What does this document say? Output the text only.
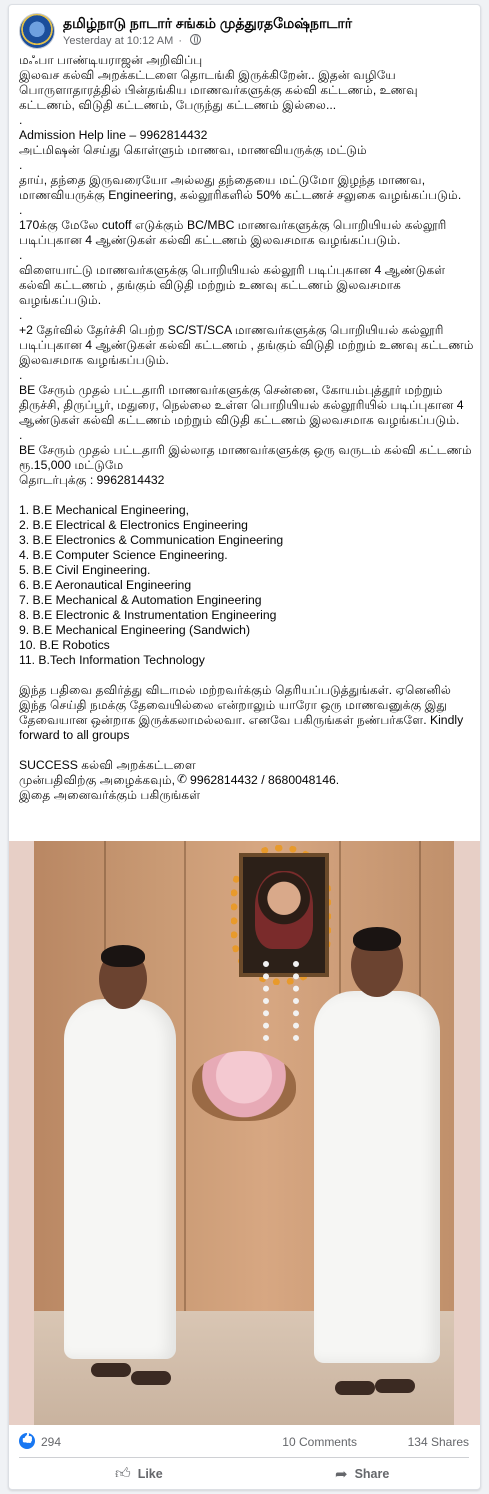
தமிழ்நாடு நாடார் சங்கம் முத்துரதமேஷ்நாடார்
Yesterday at 10:12 AM ·

மஃபா பாண்டியராஜன் அறிவிப்பு

இலவச கல்வி அறக்கட்டளை தொடங்கி இருக்கிறேன்.. இதன் வழியே பொருளாதாரத்தில் பின்தங்கிய மாணவர்களுக்கு கல்வி கட்டணம், உணவு கட்டணம், விடுதி கட்டணம், பேருந்து கட்டணம் இல்லை...

.

Admission Help line – 9962814432

அட்மிஷன் செய்து கொள்ளும் மாணவ, மாணவியருக்கு மட்டும்

.

தாய், தந்தை இருவரையோ அல்லது தந்தையை மட்டுமோ இழந்த மாணவ, மாணவியருக்கு Engineering, கல்லூரிகளில் 50% கட்டணச் சலுகை வழங்கப்படும்.

.

170க்கு மேலே cutoff எடுக்கும் BC/MBC மாணவர்களுக்கு பொறியியல் கல்லூரி படிப்புகான 4 ஆண்டுகள் கல்வி கட்டணம் இலவசமாக வழங்கப்படும்.

.

விளையாட்டு மாணவர்களுக்கு பொறியியல் கல்லூரி படிப்புகான 4 ஆண்டுகள் கல்வி கட்டணம் , தங்கும் விடுதி மற்றும் உணவு கட்டணம் இலவசமாக வழங்கப்படும்.

.

+2 தேர்வில் தேர்ச்சி பெற்ற SC/ST/SCA மாணவர்களுக்கு பொறியியல் கல்லூரி படிப்புகான 4 ஆண்டுகள் கல்வி கட்டணம் , தங்கும் விடுதி மற்றும் உணவு கட்டணம் இலவசமாக வழங்கப்படும்.

.

BE சேரும் முதல் பட்டதாரி மாணவர்களுக்கு சென்னை, கோயம்புத்தூர் மற்றும் திருச்சி, திருப்பூர், மதுரை, நெல்லை உள்ள பொறியியல் கல்லூரியில் படிப்புகான 4 ஆண்டுகள் கல்வி கட்டணம் மற்றும் விடுதி கட்டணம் இலவசமாக வழங்கப்படும்.

.

BE சேரும் முதல் பட்டதாரி இல்லாத மாணவர்களுக்கு ஒரு வருடம் கல்வி கட்டணம் ரூ.15,000 மட்டுமே

தொடர்புக்கு : 9962814432

1. B.E Mechanical Engineering,

2. B.E Electrical & Electronics Engineering

3. B.E Electronics & Communication Engineering

4. B.E Computer Science Engineering.

5. B.E Civil Engineering.

6. B.E Aeronautical Engineering

7. B.E Mechanical & Automation Engineering

8. B.E Electronic & Instrumentation Engineering

9. B.E Mechanical Engineering (Sandwich)

10. B.E Robotics

11. B.Tech Information Technology

இந்த பதிவை தவிர்த்து விடாமல் மற்றவர்க்கும் தெரியப்படுத்துங்கள். ஏனெனில் இந்த செய்தி நமக்கு தேவையில்லை என்றாலும் யாரோ ஒரு மாணவனுக்கு இது தேவையான ஒன்றாக இருக்கலாமல்லவா. எனவே பகிருங்கள் நண்பர்களே. Kindly forward to all groups

SUCCESS கல்வி அறக்கட்டளை

முன்பதிவிற்கு அழைக்கவும்,✆ 9962814432 / 8680048146.

இதை அனைவர்க்கும் பகிருங்கள்

👍
294	10 Comments	134 Shares
👍︎ Like	➦ Share
